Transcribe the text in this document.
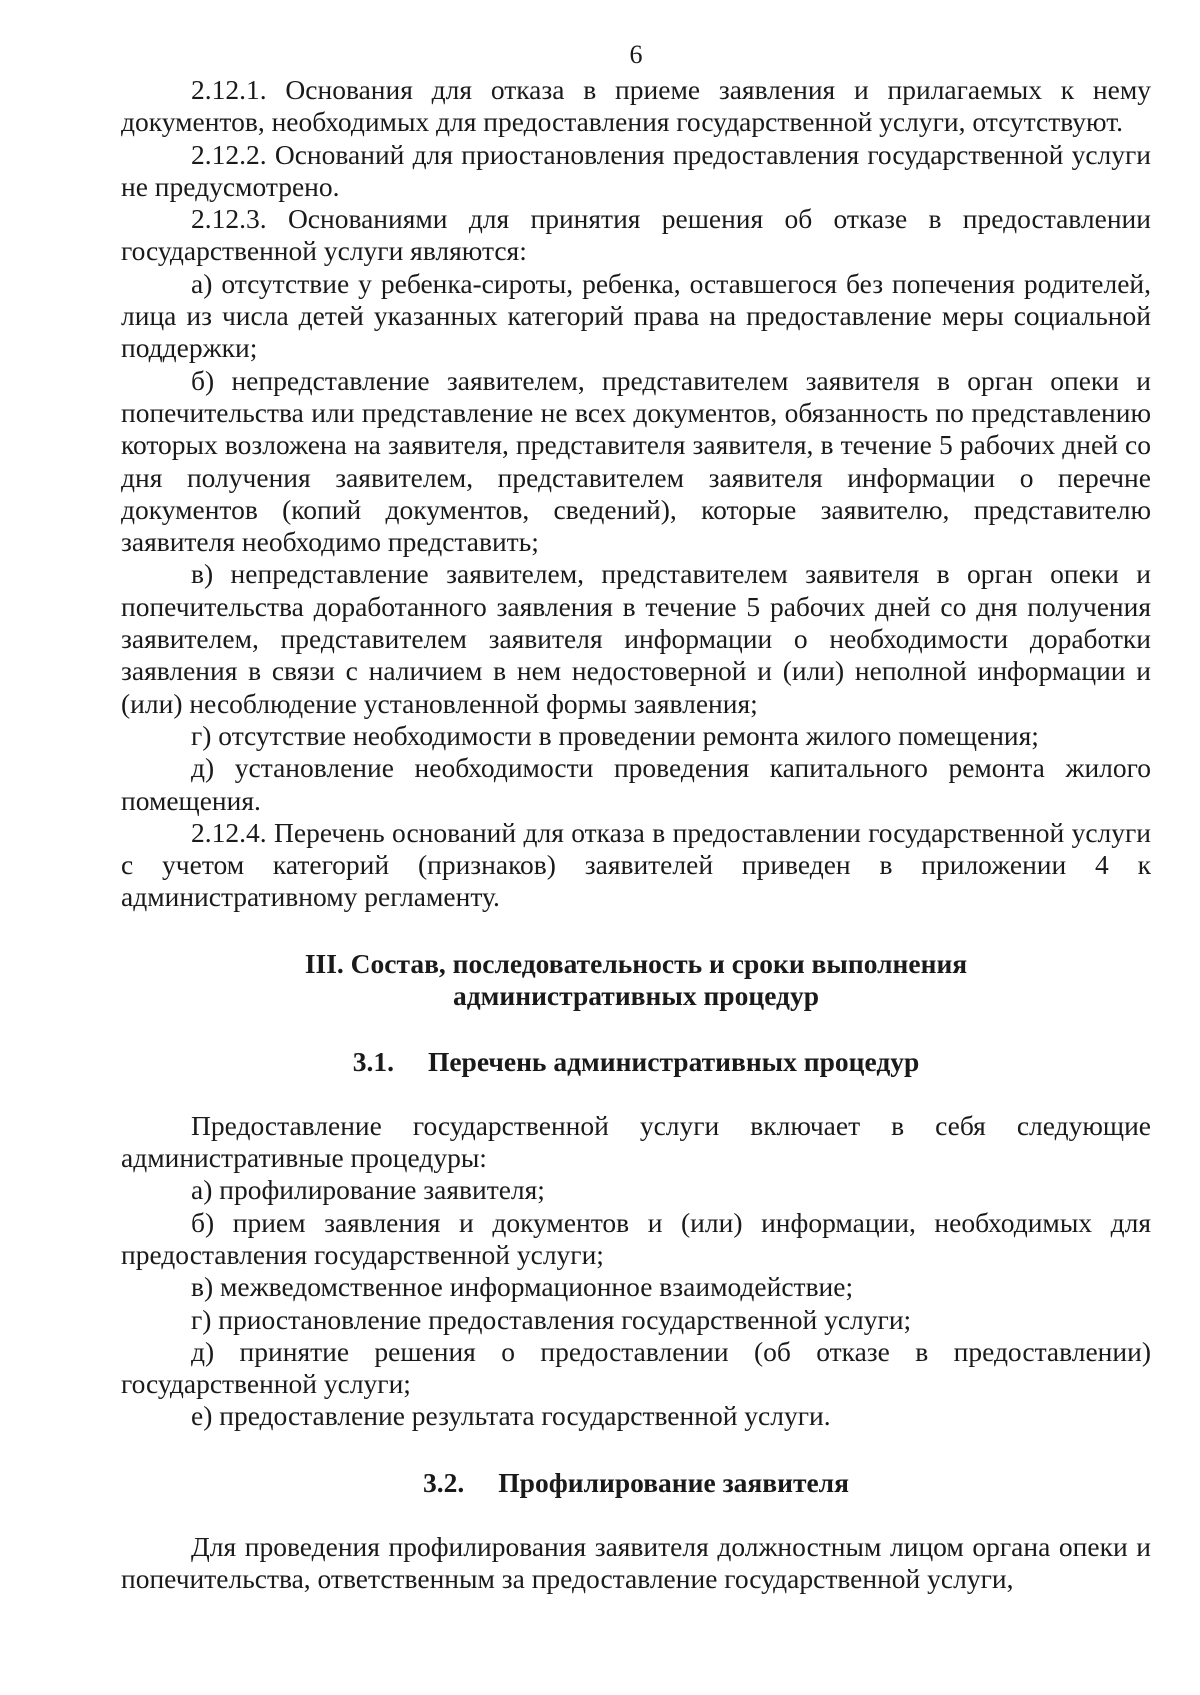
6

2.12.1. Основания для отказа в приеме заявления и прилагаемых к нему документов, необходимых для предоставления государственной услуги, отсутствуют.

2.12.2. Оснований для приостановления предоставления государственной услуги не предусмотрено.

2.12.3. Основаниями для принятия решения об отказе в предоставлении государственной услуги являются:

а) отсутствие у ребенка-сироты, ребенка, оставшегося без попечения родителей, лица из числа детей указанных категорий права на предоставление меры социальной поддержки;

б) непредставление заявителем, представителем заявителя в орган опеки и попечительства или представление не всех документов, обязанность по представлению которых возложена на заявителя, представителя заявителя, в течение 5 рабочих дней со дня получения заявителем, представителем заявителя информации о перечне документов (копий документов, сведений), которые заявителю, представителю заявителя необходимо представить;

в) непредставление заявителем, представителем заявителя в орган опеки и попечительства доработанного заявления в течение 5 рабочих дней со дня получения заявителем, представителем заявителя информации о необходимости доработки заявления в связи с наличием в нем недостоверной и (или) неполной информации и (или) несоблюдение установленной формы заявления;

г) отсутствие необходимости в проведении ремонта жилого помещения;

д) установление необходимости проведения капитального ремонта жилого помещения.

2.12.4. Перечень оснований для отказа в предоставлении государственной услуги с учетом категорий (признаков) заявителей приведен в приложении 4 к административному регламенту.

III. Состав, последовательность и сроки выполнения
административных процедур
3.1. Перечень административных процедур

Предоставление государственной услуги включает в себя следующие административные процедуры:

а) профилирование заявителя;

б) прием заявления и документов и (или) информации, необходимых для предоставления государственной услуги;

в) межведомственное информационное взаимодействие;

г) приостановление предоставления государственной услуги;

д) принятие решения о предоставлении (об отказе в предоставлении) государственной услуги;

е) предоставление результата государственной услуги.

3.2. Профилирование заявителя

Для проведения профилирования заявителя должностным лицом органа опеки и попечительства, ответственным за предоставление государственной услуги,
